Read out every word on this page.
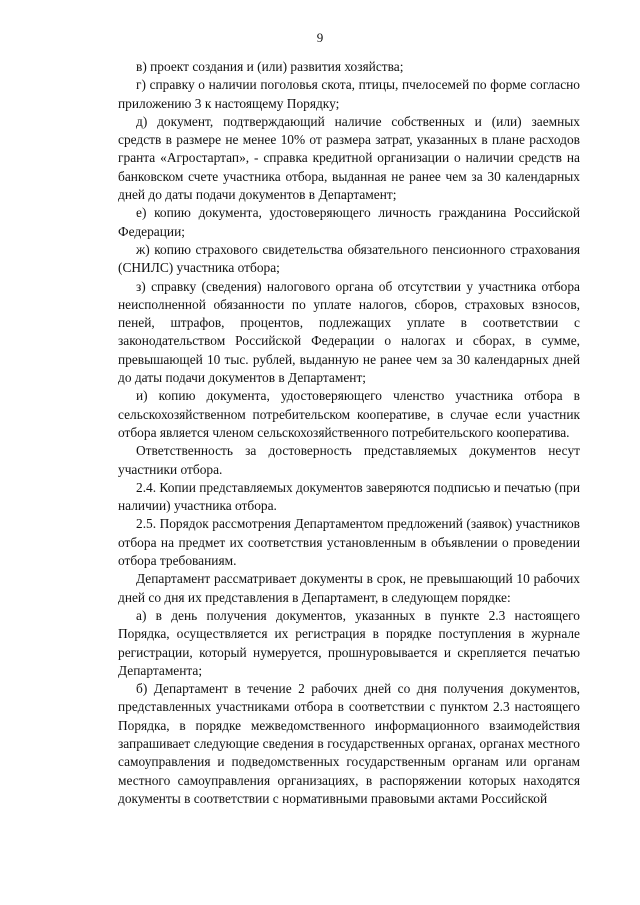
9

в) проект создания и (или) развития хозяйства;

г) справку о наличии поголовья скота, птицы, пчелосемей по форме согласно приложению 3 к настоящему Порядку;

д) документ, подтверждающий наличие собственных и (или) заемных средств в размере не менее 10% от размера затрат, указанных в плане расходов гранта «Агростартап», - справка кредитной организации о наличии средств на банковском счете участника отбора, выданная не ранее чем за 30 календарных дней до даты подачи документов в Департамент;

е) копию документа, удостоверяющего личность гражданина Российской Федерации;

ж) копию страхового свидетельства обязательного пенсионного страхования (СНИЛС) участника отбора;

з) справку (сведения) налогового органа об отсутствии у участника отбора неисполненной обязанности по уплате налогов, сборов, страховых взносов, пеней, штрафов, процентов, подлежащих уплате в соответствии с законодательством Российской Федерации о налогах и сборах, в сумме, превышающей 10 тыс. рублей, выданную не ранее чем за 30 календарных дней до даты подачи документов в Департамент;

и) копию документа, удостоверяющего членство участника отбора в сельскохозяйственном потребительском кооперативе, в случае если участник отбора является членом сельскохозяйственного потребительского кооператива.

Ответственность за достоверность представляемых документов несут участники отбора.

2.4. Копии представляемых документов заверяются подписью и печатью (при наличии) участника отбора.

2.5. Порядок рассмотрения Департаментом предложений (заявок) участников отбора на предмет их соответствия установленным в объявлении о проведении отбора требованиям.

Департамент рассматривает документы в срок, не превышающий 10 рабочих дней со дня их представления в Департамент, в следующем порядке:

а) в день получения документов, указанных в пункте 2.3 настоящего Порядка, осуществляется их регистрация в порядке поступления в журнале регистрации, который нумеруется, прошнуровывается и скрепляется печатью Департамента;

б) Департамент в течение 2 рабочих дней со дня получения документов, представленных участниками отбора в соответствии с пунктом 2.3 настоящего Порядка, в порядке межведомственного информационного взаимодействия запрашивает следующие сведения в государственных органах, органах местного самоуправления и подведомственных государственным органам или органам местного самоуправления организациях, в распоряжении которых находятся документы в соответствии с нормативными правовыми актами Российской
